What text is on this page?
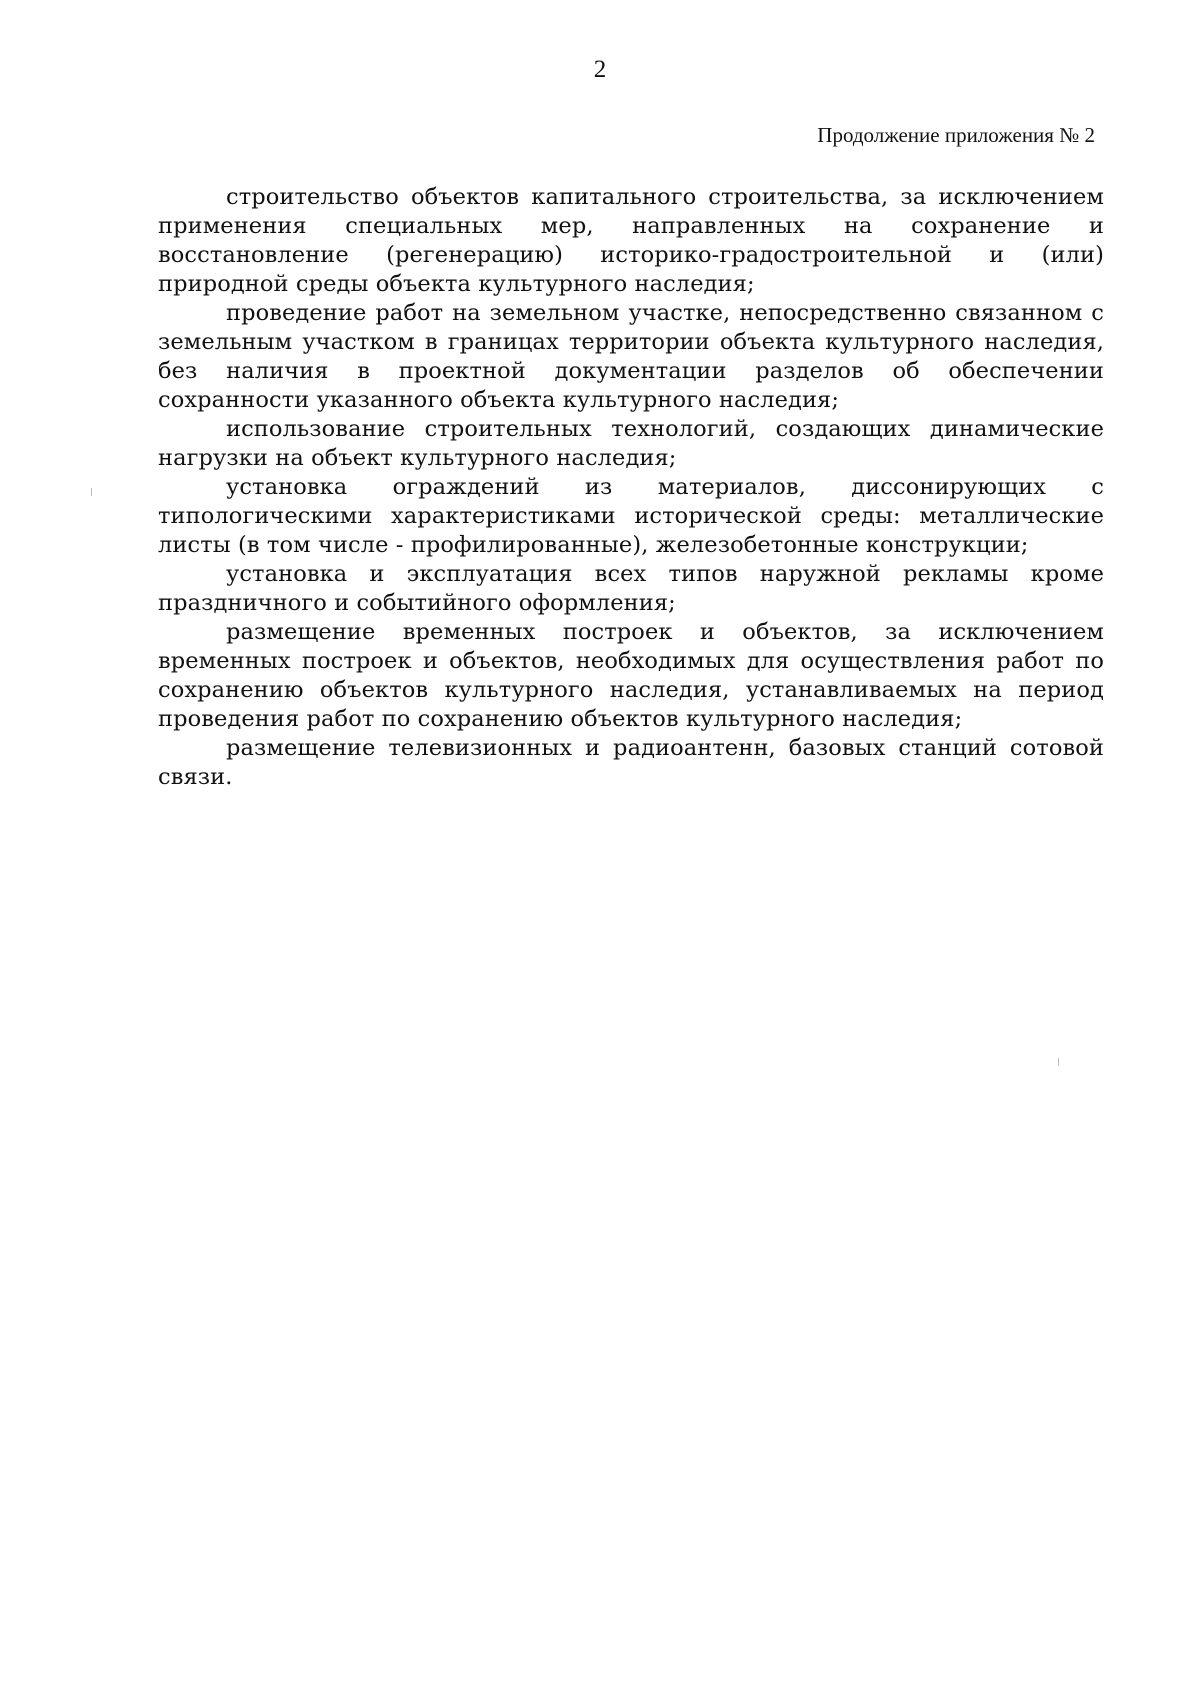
2
Продолжение приложения № 2

строительство объектов капитального строительства, за исключением применения специальных мер, направленных на сохранение и восстановление (регенерацию) историко-градостроительной и (или) природной среды объекта культурного наследия;

проведение работ на земельном участке, непосредственно связанном с земельным участком в границах территории объекта культурного наследия, без наличия в проектной документации разделов об обеспечении сохранности указанного объекта культурного наследия;

использование строительных технологий, создающих динамические нагрузки на объект культурного наследия;

установка ограждений из материалов, диссонирующих с типологическими характеристиками исторической среды: металлические листы (в том числе - профилированные), железобетонные конструкции;

установка и эксплуатация всех типов наружной рекламы кроме праздничного и событийного оформления;

размещение временных построек и объектов, за исключением временных построек и объектов, необходимых для осуществления работ по сохранению объектов культурного наследия, устанавливаемых на период проведения работ по сохранению объектов культурного наследия;

размещение телевизионных и радиоантенн, базовых станций сотовой связи.
